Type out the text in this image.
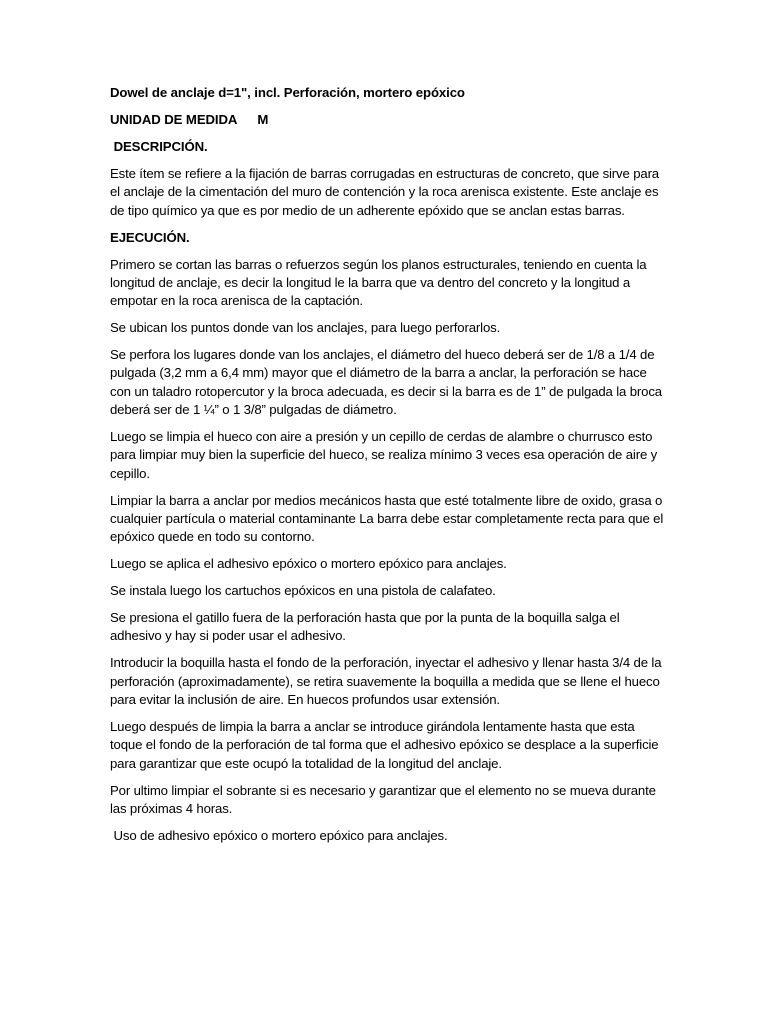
Dowel de anclaje d=1", incl. Perforación, mortero epóxico

UNIDAD DE MEDIDA M

DESCRIPCIÓN.

Este ítem se refiere a la fijación de barras corrugadas en estructuras de concreto, que sirve para el anclaje de la cimentación del muro de contención y la roca arenisca existente. Este anclaje es de tipo químico ya que es por medio de un adherente epóxido que se anclan estas barras.

EJECUCIÓN.

Primero se cortan las barras o refuerzos según los planos estructurales, teniendo en cuenta la longitud de anclaje, es decir la longitud le la barra que va dentro del concreto y la longitud a empotar en la roca arenisca de la captación.

Se ubican los puntos donde van los anclajes, para luego perforarlos.

Se perfora los lugares donde van los anclajes, el diámetro del hueco deberá ser de 1/8 a 1/4 de pulgada (3,2 mm a 6,4 mm) mayor que el diámetro de la barra a anclar, la perforación se hace con un taladro rotopercutor y la broca adecuada, es decir si la barra es de 1” de pulgada la broca deberá ser de 1 ¼” o 1 3/8” pulgadas de diámetro.

Luego se limpia el hueco con aire a presión y un cepillo de cerdas de alambre o churrusco esto para limpiar muy bien la superficie del hueco, se realiza mínimo 3 veces esa operación de aire y cepillo.

Limpiar la barra a anclar por medios mecánicos hasta que esté totalmente libre de oxido, grasa o cualquier partícula o material contaminante La barra debe estar completamente recta para que el epóxico quede en todo su contorno.

Luego se aplica el adhesivo epóxico o mortero epóxico para anclajes.

Se instala luego los cartuchos epóxicos en una pistola de calafateo.

Se presiona el gatillo fuera de la perforación hasta que por la punta de la boquilla salga el adhesivo y hay si poder usar el adhesivo.

Introducir la boquilla hasta el fondo de la perforación, inyectar el adhesivo y llenar hasta 3/4 de la perforación (aproximadamente), se retira suavemente la boquilla a medida que se llene el hueco para evitar la inclusión de aire. En huecos profundos usar extensión.

Luego después de limpia la barra a anclar se introduce girándola lentamente hasta que esta toque el fondo de la perforación de tal forma que el adhesivo epóxico se desplace a la superficie para garantizar que este ocupó la totalidad de la longitud del anclaje.

Por ultimo limpiar el sobrante si es necesario y garantizar que el elemento no se mueva durante las próximas 4 horas.

Uso de adhesivo epóxico o mortero epóxico para anclajes.
